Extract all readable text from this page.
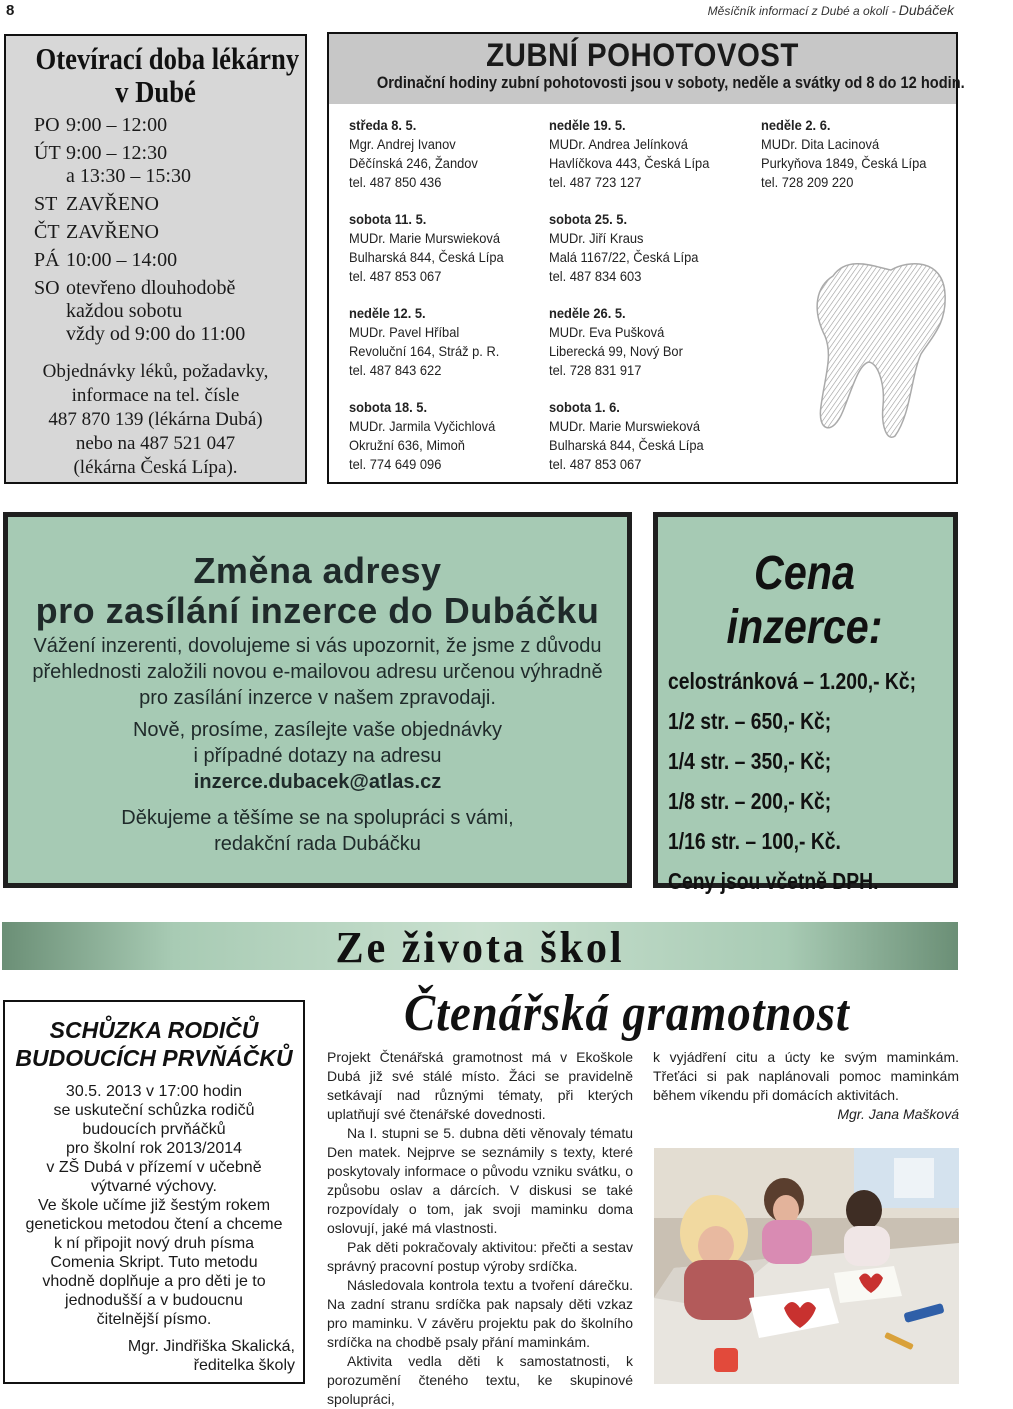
8	Měsíčník informací z Dubé a okolí - Dubáček
Otevírací doba lékárny
v Dubé
PO 9:00 – 12:00
ÚT 9:00 – 12:30
a 13:30 – 15:30
ST ZAVŘENO
ČT ZAVŘENO
PÁ 10:00 – 14:00
SO otevřeno dlouhodobě
každou sobotu
vždy od 9:00 do 11:00
Objednávky léků, požadavky,
informace na tel. čísle
487 870 139 (lékárna Dubá)
nebo na 487 521 047
(lékárna Česká Lípa).
ZUBNÍ POHOTOVOST
Ordinační hodiny zubní pohotovosti jsou v soboty, neděle a svátky od 8 do 12 hodin.
středa 8. 5.
Mgr. Andrej Ivanov
Děčínská 246, Žandov
tel. 487 850 436
sobota 11. 5.
MUDr. Marie Murswieková
Bulharská 844, Česká Lípa
tel. 487 853 067
neděle 12. 5.
MUDr. Pavel Hříbal
Revoluční 164, Stráž p. R.
tel. 487 843 622
sobota 18. 5.
MUDr. Jarmila Vyčichlová
Okružní 636, Mimoň
tel. 774 649 096
neděle 19. 5.
MUDr. Andrea Jelínková
Havlíčkova 443, Česká Lípa
tel. 487 723 127
sobota 25. 5.
MUDr. Jiří Kraus
Malá 1167/22, Česká Lípa
tel. 487 834 603
neděle 26. 5.
MUDr. Eva Pušková
Liberecká 99, Nový Bor
tel. 728 831 917
sobota 1. 6.
MUDr. Marie Murswieková
Bulharská 844, Česká Lípa
tel. 487 853 067
neděle 2. 6.
MUDr. Dita Lacinová
Purkyňova 1849, Česká Lípa
tel. 728 209 220
Změna adresy
pro zasílání inzerce do Dubáčku

Vážení inzerenti, dovolujeme si vás upozornit, že jsme z důvodu
přehlednosti založili novou e-mailovou adresu určenou výhradně
pro zasílání inzerce v našem zpravodaji.

Nově, prosíme, zasílejte vaše objednávky
i případné dotazy na adresu
inzerce.dubacek@atlas.cz

Děkujeme a těšíme se na spolupráci s vámi,
redakční rada Dubáčku

Cena inzerce:
celostránková – 1.200,- Kč;
1/2 str. – 650,- Kč;
1/4 str. – 350,- Kč;
1/8 str. – 200,- Kč;
1/16 str. – 100,- Kč.
Ceny jsou včetně DPH.
Ze života škol
SCHŮZKA RODIČŮ
BUDOUCÍCH PRVŇÁČKŮ

30.5. 2013 v 17:00 hodin
se uskuteční schůzka rodičů
budoucích prvňáčků
pro školní rok 2013/2014
v ZŠ Dubá v přízemí v učebně
výtvarné výchovy.

Ve škole učíme již šestým rokem
genetickou metodou čtení a chceme
k ní připojit nový druh písma
Comenia Skript. Tuto metodu
vhodně doplňuje a pro děti je to
jednodušší a v budoucnu
čitelnější písmo.

Mgr. Jindřiška Skalická,
ředitelka školy

Čtenářská gramotnost

Projekt Čtenářská gramotnost má v Ekoškole Dubá již své stálé místo. Žáci se pravidelně setkávají nad různými tématy, při kterých uplatňují své čtenářské dovednosti.

Na I. stupni se 5. dubna děti věnovaly tématu Den matek. Nejprve se seznámily s texty, které poskytovaly informace o původu vzniku svátku, o způsobu oslav a dárcích. V diskusi se také rozpovídaly o tom, jak svoji maminku doma oslovují, jaké má vlastnosti.

Pak děti pokračovaly aktivitou: přečti a sestav správný pracovní postup výroby srdíčka.

Následovala kontrola textu a tvoření dárečku. Na zadní stranu srdíčka pak napsaly děti vzkaz pro maminku. V závěru projektu pak do školního srdíčka na chodbě psaly přání maminkám.

Aktivita vedla děti k samostatnosti, k porozumění čteného textu, ke skupinové spolupráci,

k vyjádření citu a úcty ke svým maminkám. Třeťáci si pak naplánovali pomoc maminkám během víkendu při domácích aktivitách.

Mgr. Jana Mašková
